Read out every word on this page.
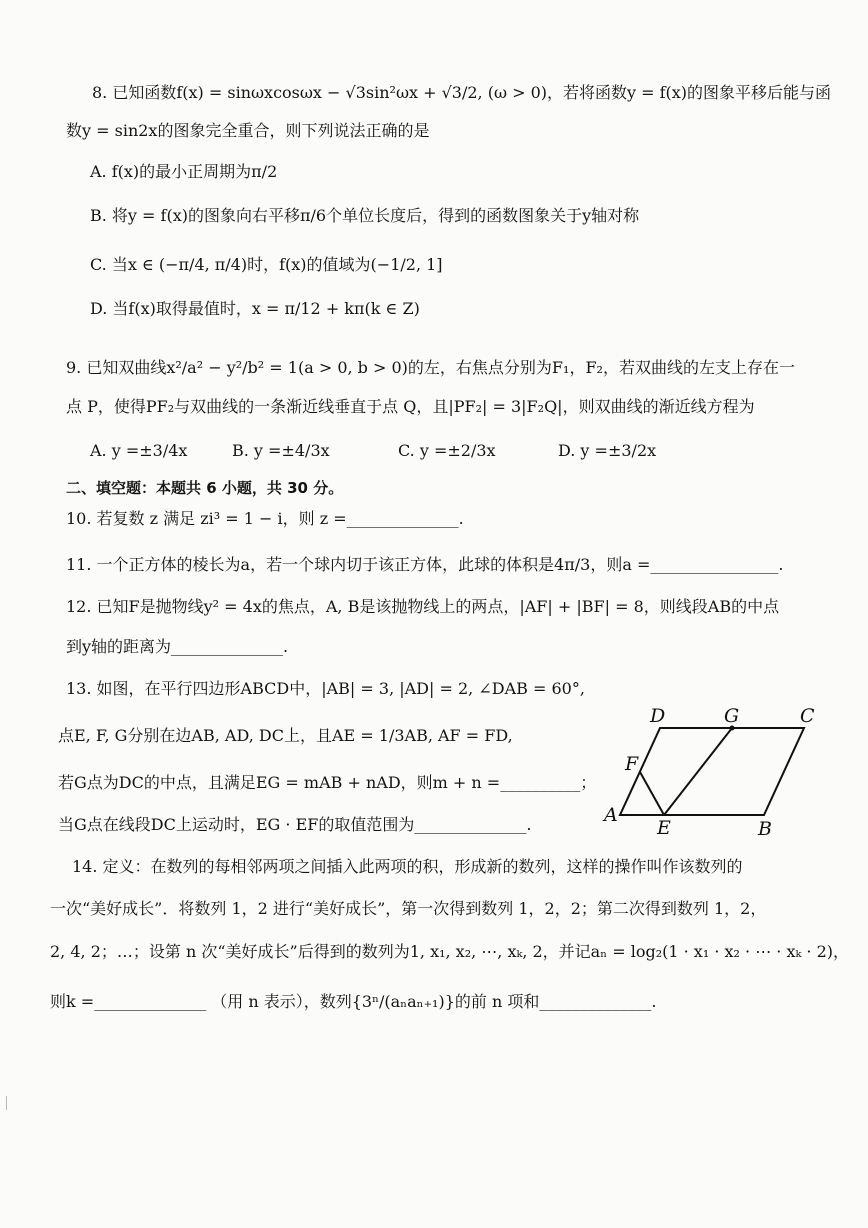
8. 已知函数f(x) = sinωxcosωx − √3sin²ωx + √3/2, (ω > 0)，若将函数y = f(x)的图象平移后能与函
数y = sin2x的图象完全重合，则下列说法正确的是
A. f(x)的最小正周期为π/2
B. 将y = f(x)的图象向右平移π/6个单位长度后，得到的函数图象关于y轴对称
C. 当x ∈ (−π/4, π/4)时，f(x)的值域为(−1/2, 1]
D. 当f(x)取得最值时，x = π/12 + kπ(k ∈ Z)
9. 已知双曲线x²/a² − y²/b² = 1(a > 0, b > 0)的左，右焦点分别为F₁，F₂，若双曲线的左支上存在一
点 P，使得PF₂与双曲线的一条渐近线垂直于点 Q，且|PF₂| = 3|F₂Q|，则双曲线的渐近线方程为
A. y =±3/4x	B. y =±4/3x	C. y =±2/3x	D. y =±3/2x
二、填空题：本题共 6 小题，共 30 分。
10. 若复数 z 满足 zi³ = 1 − i，则 z =______________.
11. 一个正方体的棱长为a，若一个球内切于该正方体，此球的体积是4π/3，则a =________________.
12. 已知F是抛物线y² = 4x的焦点，A, B是该抛物线上的两点，|AF| + |BF| = 8，则线段AB的中点
到y轴的距离为______________.
13. 如图，在平行四边形ABCD中，|AB| = 3, |AD| = 2, ∠DAB = 60°,
点E, F, G分别在边AB, AD, DC上，且AE = 1/3AB, AF = FD,
若G点为DC的中点，且满足EG = mAB + nAD，则m + n =__________；
当G点在线段DC上运动时，EG · EF的取值范围为______________.	A
B
C
D
E
F
G
14. 定义：在数列的每相邻两项之间插入此两项的积，形成新的数列，这样的操作叫作该数列的
一次“美好成长”．将数列 1，2 进行“美好成长”，第一次得到数列 1，2，2；第二次得到数列 1，2，
2, 4, 2；…；设第 n 次“美好成长”后得到的数列为1, x₁, x₂, ⋯, xₖ, 2，并记aₙ = log₂(1 · x₁ · x₂ · ⋯ · xₖ · 2)，
则k =______________ （用 n 表示），数列{3ⁿ/(aₙaₙ₊₁)}的前 n 项和______________.
